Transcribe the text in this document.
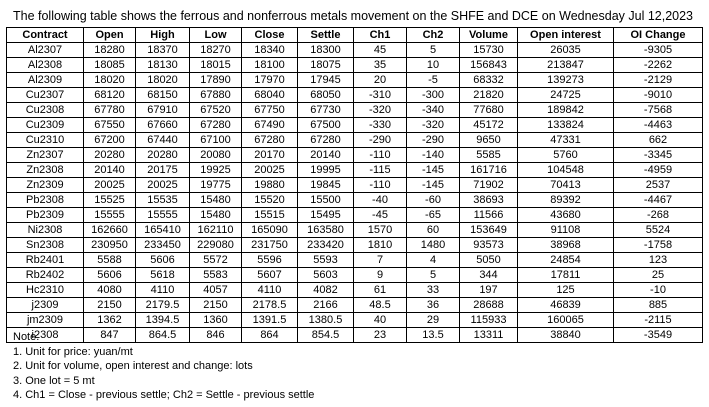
The following table shows the ferrous and nonferrous metals movement on the SHFE and DCE on Wednesday Jul 12,2023
Contract	Open	High	Low	Close	Settle	Ch1	Ch2	Volume	Open interest	OI Change
Al2307	18280	18370	18270	18340	18300	45	5	15730	26035	-9305
Al2308	18085	18130	18015	18100	18075	35	10	156843	213847	-2262
Al2309	18020	18020	17890	17970	17945	20	-5	68332	139273	-2129
Cu2307	68120	68150	67880	68040	68050	-310	-300	21820	24725	-9010
Cu2308	67780	67910	67520	67750	67730	-320	-340	77680	189842	-7568
Cu2309	67550	67660	67280	67490	67500	-330	-320	45172	133824	-4463
Cu2310	67200	67440	67100	67280	67280	-290	-290	9650	47331	662
Zn2307	20280	20280	20080	20170	20140	-110	-140	5585	5760	-3345
Zn2308	20140	20175	19925	20025	19995	-115	-145	161716	104548	-4959
Zn2309	20025	20025	19775	19880	19845	-110	-145	71902	70413	2537
Pb2308	15525	15535	15480	15520	15500	-40	-60	38693	89392	-4467
Pb2309	15555	15555	15480	15515	15495	-45	-65	11566	43680	-268
Ni2308	162660	165410	162110	165090	163580	1570	60	153649	91108	5524
Sn2308	230950	233450	229080	231750	233420	1810	1480	93573	38968	-1758
Rb2401	5588	5606	5572	5596	5593	7	4	5050	24854	123
Rb2402	5606	5618	5583	5607	5603	9	5	344	17811	25
Hc2310	4080	4110	4057	4110	4082	61	33	197	125	-10
j2309	2150	2179.5	2150	2178.5	2166	48.5	36	28688	46839	885
jm2309	1362	1394.5	1360	1391.5	1380.5	40	29	115933	160065	-2115
i2308	847	864.5	846	864	854.5	23	13.5	13311	38840	-3549
Note:
1. Unit for price: yuan/mt
2. Unit for volume, open interest and change: lots
3. One lot = 5 mt
4. Ch1 = Close - previous settle; Ch2 = Settle - previous settle
